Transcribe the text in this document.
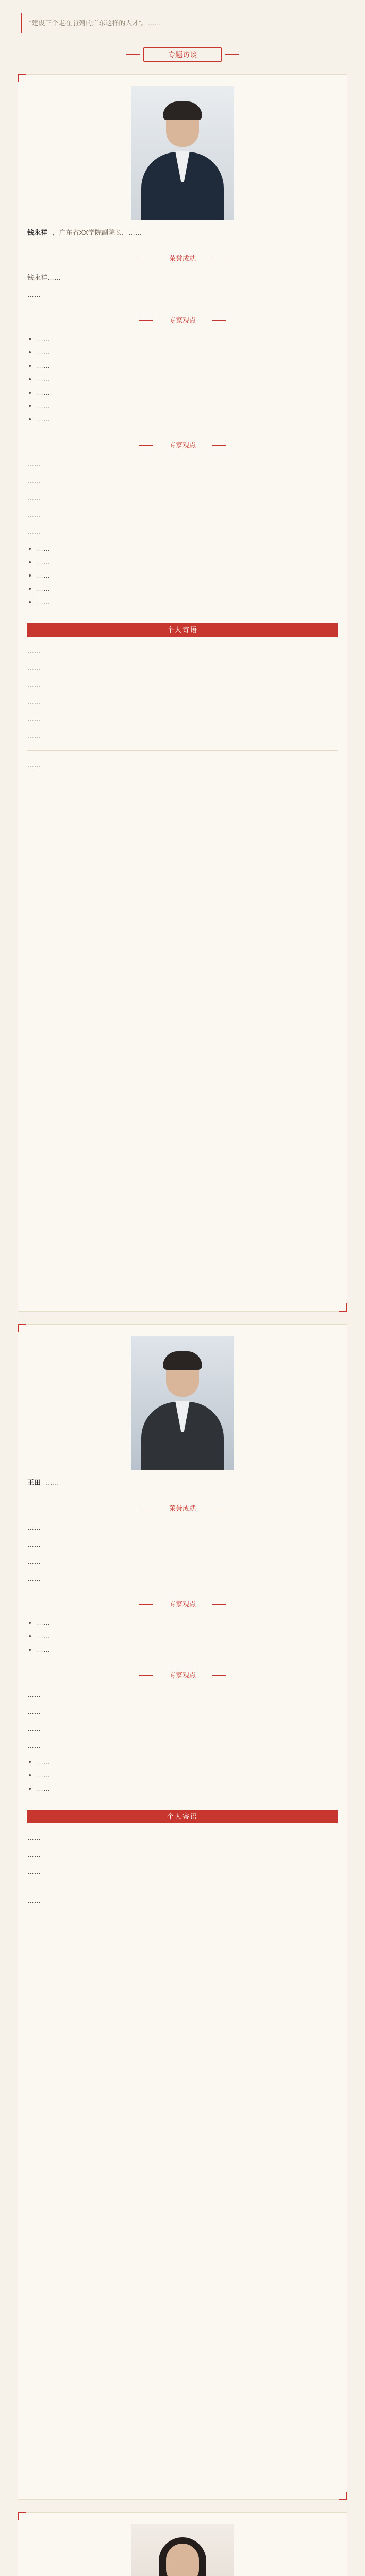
“建设三个走在前列的广东这样的人才”。……
专题访谈
钱永祥 ，广东省XX学院副院长，……
荣誉成就

钱永祥……

……

专家观点
• ……
• ……
• ……
• ……
• ……
• ……
• ……
专家观点

……

……

……

……

……

• ……
• ……
• ……
• ……
• ……
个人寄语

……

……

……

……

……

……

……

王田 ……
荣誉成就

……

……

……

……

专家观点
• ……
• ……
• ……
专家观点

……

……

……

……

• ……
• ……
• ……
个人寄语

……

……

……

……
